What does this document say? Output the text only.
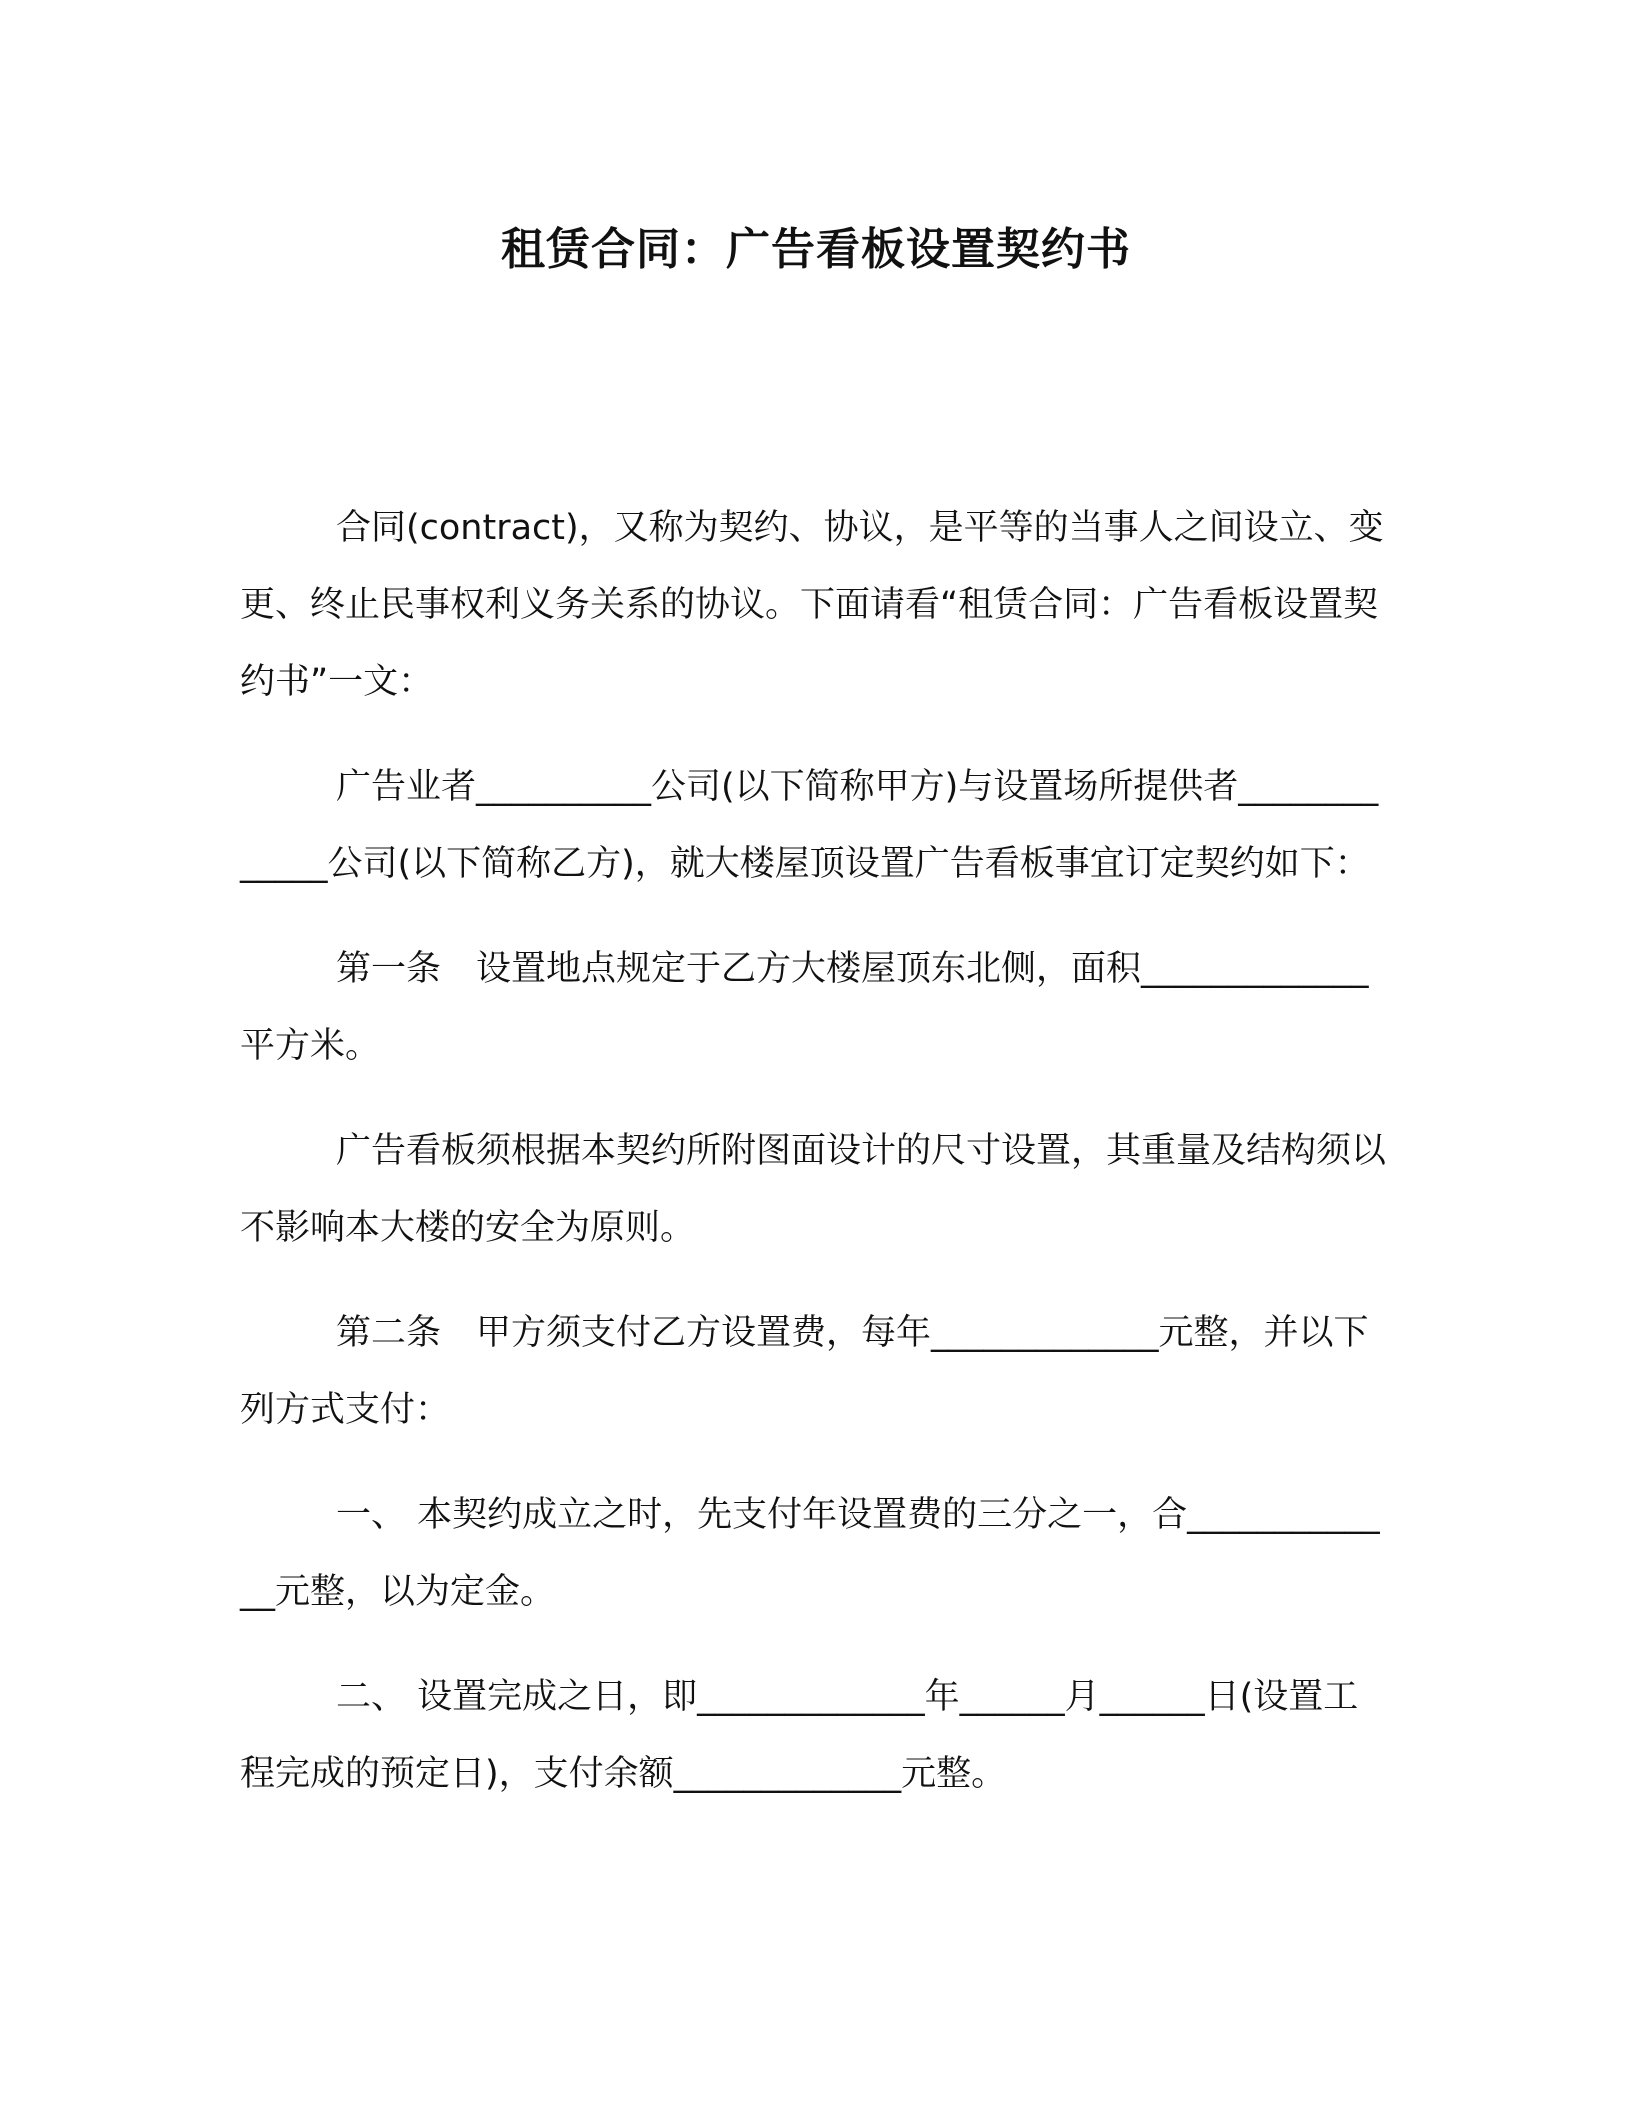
租赁合同：广告看板设置契约书

合同(contract)，又称为契约、协议，是平等的当事人之间设立、变更、终止民事权利义务关系的协议。下面请看“租赁合同：广告看板设置契约书”一文：

广告业者__________公司(以下简称甲方)与设置场所提供者_____________公司(以下简称乙方)，就大楼屋顶设置广告看板事宜订定契约如下：

第一条　设置地点规定于乙方大楼屋顶东北侧，面积_____________平方米。

广告看板须根据本契约所附图面设计的尺寸设置，其重量及结构须以不影响本大楼的安全为原则。

第二条　甲方须支付乙方设置费，每年_____________元整，并以下列方式支付：

一、 本契约成立之时，先支付年设置费的三分之一，合_____________元整，以为定金。

二、 设置完成之日，即_____________年______月______日(设置工程完成的预定日)，支付余额_____________元整。
